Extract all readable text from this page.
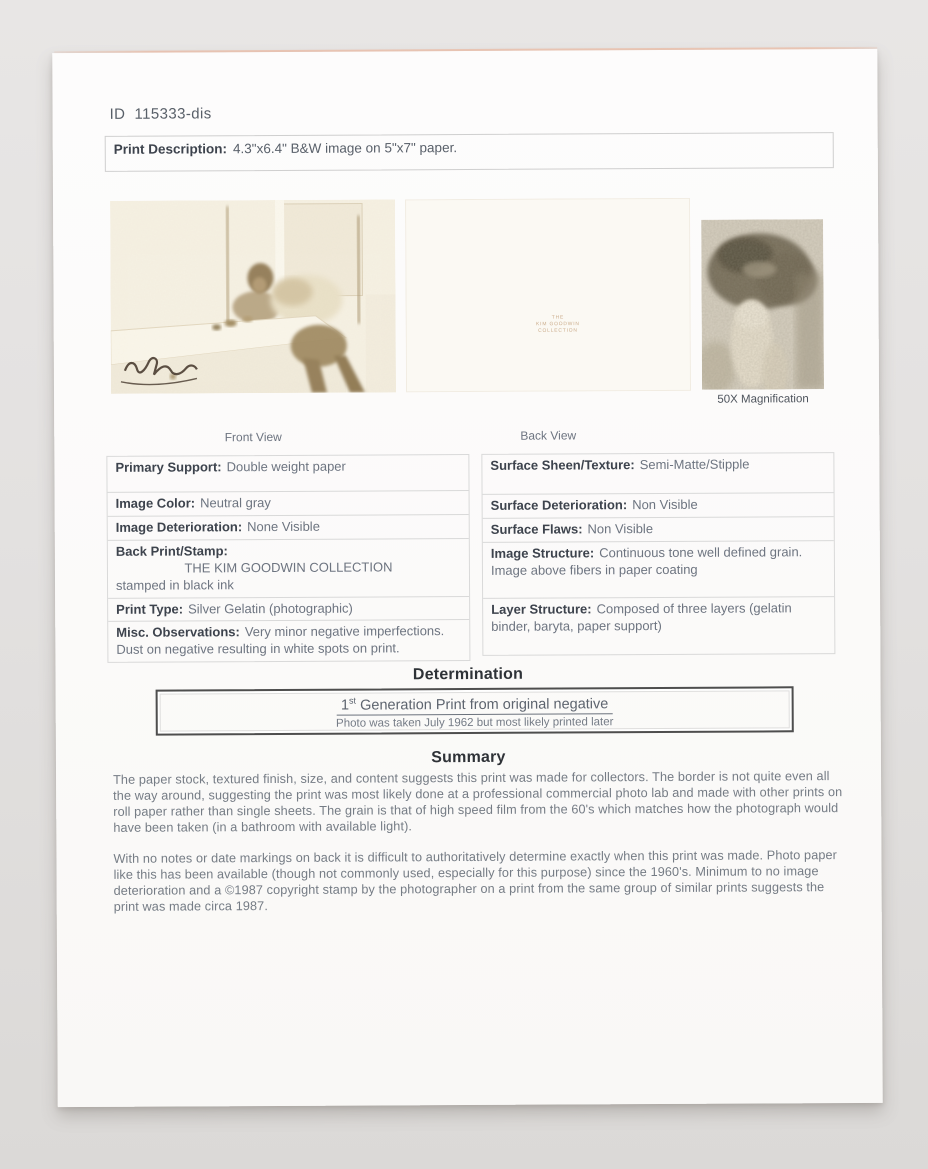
ID  115333-dis
Print Description: 4.3"x6.4" B&W image on 5"x7" paper.
THE
KIM GOODWIN
COLLECTION
Front View	Back View
50X Magnification
Primary Support: Double weight paper
Image Color: Neutral gray
Image Deterioration: None Visible
Back Print/Stamp:
THE KIM GOODWIN COLLECTION
stamped in black ink
Print Type: Silver Gelatin (photographic)
Misc. Observations: Very minor negative imperfections. Dust on negative resulting in white spots on print.
Surface Sheen/Texture: Semi-Matte/Stipple
Surface Deterioration: Non Visible
Surface Flaws: Non Visible
Image Structure: Continuous tone well defined grain. Image above fibers in paper coating
Layer Structure: Composed of three layers (gelatin binder, baryta, paper support)
Determination
1st Generation Print from original negative
Photo was taken July 1962 but most likely printed later
Summary

The paper stock, textured finish, size, and content suggests this print was made for collectors. The border is not quite even all the way around, suggesting the print was most likely done at a professional commercial photo lab and made with other prints on roll paper rather than single sheets. The grain is that of high speed film from the 60's which matches how the photograph would have been taken (in a bathroom with available light).

With no notes or date markings on back it is difficult to authoritatively determine exactly when this print was made. Photo paper like this has been available (though not commonly used, especially for this purpose) since the 1960's. Minimum to no image deterioration and a ©1987 copyright stamp by the photographer on a print from the same group of similar prints suggests the print was made circa 1987.
